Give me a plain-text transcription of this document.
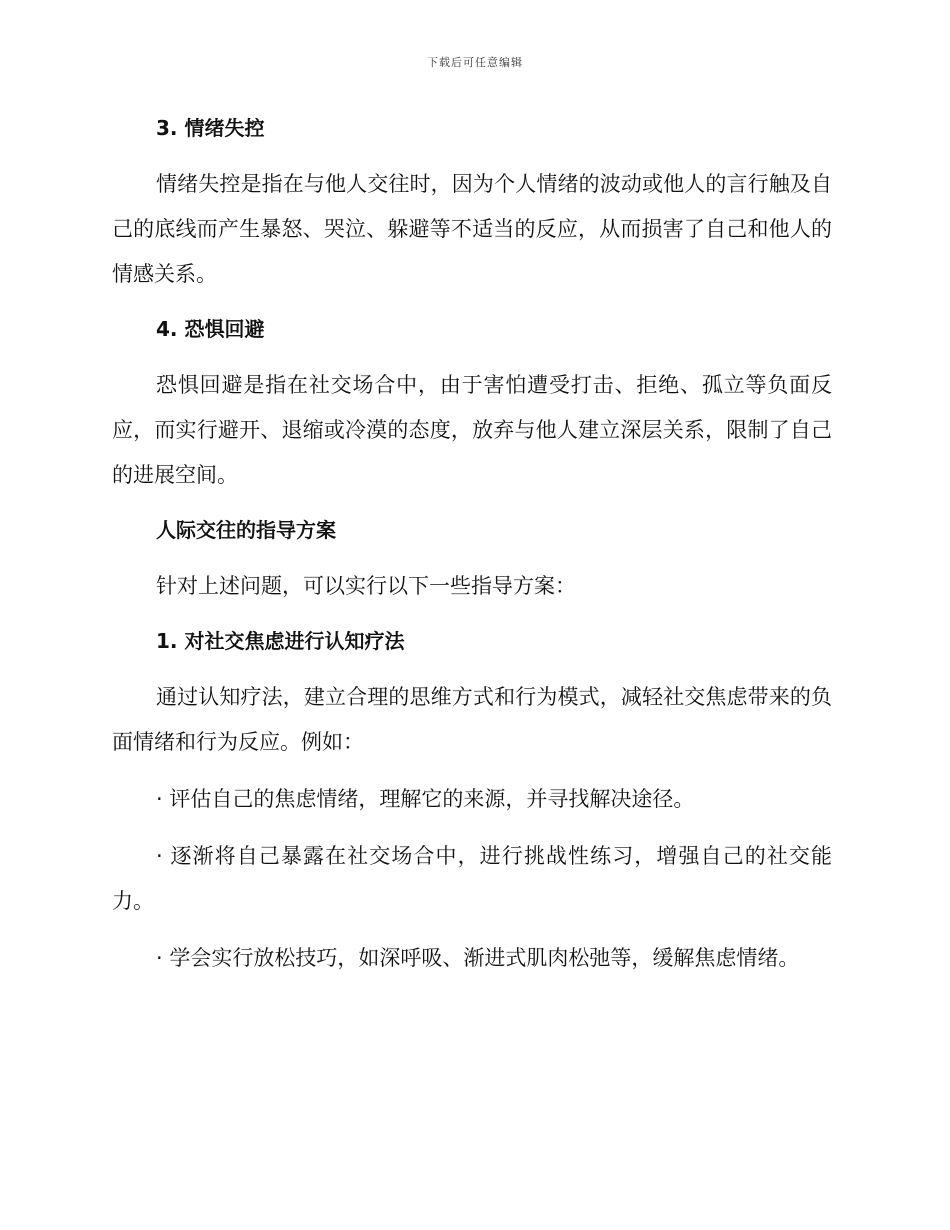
下载后可任意编辑
3. 情绪失控
情绪失控是指在与他人交往时，因为个人情绪的波动或他人的言行触及自己的底线而产生暴怒、哭泣、躲避等不适当的反应，从而损害了自己和他人的情感关系。
4. 恐惧回避
恐惧回避是指在社交场合中，由于害怕遭受打击、拒绝、孤立等负面反应，而实行避开、退缩或冷漠的态度，放弃与他人建立深层关系，限制了自己的进展空间。
人际交往的指导方案
针对上述问题，可以实行以下一些指导方案：
1. 对社交焦虑进行认知疗法
通过认知疗法，建立合理的思维方式和行为模式，减轻社交焦虑带来的负面情绪和行为反应。例如：
· 评估自己的焦虑情绪，理解它的来源，并寻找解决途径。
· 逐渐将自己暴露在社交场合中，进行挑战性练习，增强自己的社交能力。
· 学会实行放松技巧，如深呼吸、渐进式肌肉松弛等，缓解焦虑情绪。
